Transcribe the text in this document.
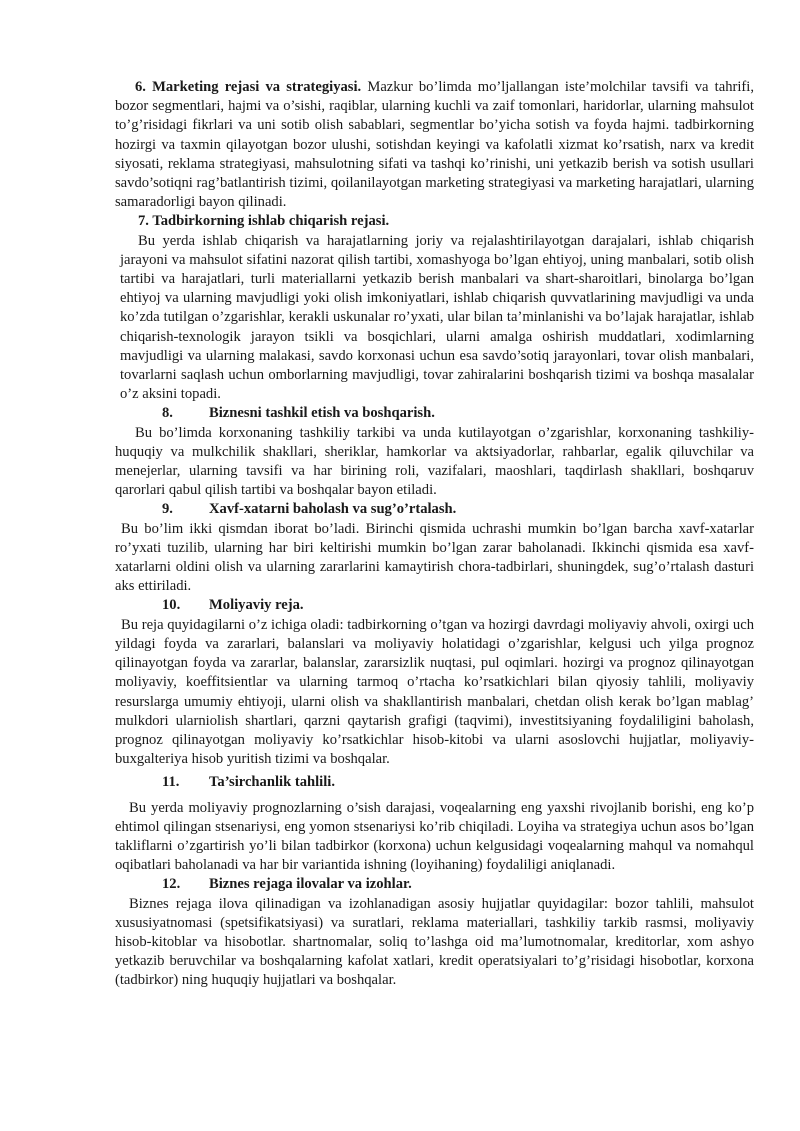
6. Marketing rejasi va strategiyasi. Mazkur bo’limda mo’ljallangan iste’molchilar tavsifi va tahrifi, bozor segmentlari, hajmi va o’sishi, raqiblar, ularning kuchli va zaif tomonlari, haridorlar, ularning mahsulot to’g’risidagi fikrlari va uni sotib olish sabablari, segmentlar bo’yicha sotish va foyda hajmi. tadbirkorning hozirgi va taxmin qilayotgan bozor ulushi, sotishdan keyingi va kafolatli xizmat ko’rsatish, narx va kredit siyosati, reklama strategiyasi, mahsulotning sifati va tashqi ko’rinishi, uni yetkazib berish va sotish usullari savdo’sotiqni rag’batlantirish tizimi, qoilanilayotgan marketing strategiyasi va marketing harajatlari, ularning samaradorligi bayon qilinadi.

7. Tadbirkorning ishlab chiqarish rejasi.

Bu yerda ishlab chiqarish va harajatlarning joriy va rejalashtirilayotgan darajalari, ishlab chiqarish jarayoni va mahsulot sifatini nazorat qilish tartibi, xomashyoga bo’lgan ehtiyoj, uning manbalari, sotib olish tartibi va harajatlari, turli materiallarni yetkazib berish manbalari va shart-sharoitlari, binolarga bo’lgan ehtiyoj va ularning mavjudligi yoki olish imkoniyatlari, ishlab chiqarish quvvatlarining mavjudligi va unda ko’zda tutilgan o’zgarishlar, kerakli uskunalar ro’yxati, ular bilan ta’minlanishi va bo’lajak harajatlar, ishlab chiqarish-texnologik jarayon tsikli va bosqichlari, ularni amalga oshirish muddatlari, xodimlarning mavjudligi va ularning malakasi, savdo korxonasi uchun esa savdo’sotiq jarayonlari, tovar olish manbalari, tovarlarni saqlash uchun omborlarning mavjudligi, tovar zahiralarini boshqarish tizimi va boshqa masalalar o’z aksini topadi.

8.	Biznesni tashkil etish va boshqarish.

Bu bo’limda korxonaning tashkiliy tarkibi va unda kutilayotgan o’zgarishlar, korxonaning tashkiliy-huquqiy va mulkchilik shakllari, sheriklar, hamkorlar va aktsiyadorlar, rahbarlar, egalik qiluvchilar va menejerlar, ularning tavsifi va har birining roli, vazifalari, maoshlari, taqdirlash shakllari, boshqaruv qarorlari qabul qilish tartibi va boshqalar bayon etiladi.

9.	Xavf-xatarni baholash va sug’o’rtalash.

Bu bo’lim ikki qismdan iborat bo’ladi. Birinchi qismida uchrashi mumkin bo’lgan barcha xavf-xatarlar ro’yxati tuzilib, ularning har biri keltirishi mumkin bo’lgan zarar baholanadi. Ikkinchi qismida esa xavf-xatarlarni oldini olish va ularning zararlarini kamaytirish chora-tadbirlari, shuningdek, sug’o’rtalash dasturi aks ettiriladi.

10.	Moliyaviy reja.

Bu reja quyidagilarni o’z ichiga oladi: tadbirkorning o’tgan va hozirgi davrdagi moliyaviy ahvoli, oxirgi uch yildagi foyda va zararlari, balanslari va moliyaviy holatidagi o’zgarishlar, kelgusi uch yilga prognoz qilinayotgan foyda va zararlar, balanslar, zararsizlik nuqtasi, pul oqimlari. hozirgi va prognoz qilinayotgan moliyaviy, koeffitsientlar va ularning tarmoq o’rtacha ko’rsatkichlari bilan qiyosiy tahlili, moliyaviy resurslarga umumiy ehtiyoji, ularni olish va shakllantirish manbalari, chetdan olish kerak bo’lgan mablag’ mulkdori ularniolish shartlari, qarzni qaytarish grafigi (taqvimi), investitsiyaning foydaliligini baholash, prognoz qilinayotgan moliyaviy ko’rsatkichlar hisob-kitobi va ularni asoslovchi hujjatlar, moliyaviy-buxgalteriya hisob yuritish tizimi va boshqalar.

11.	Ta’sirchanlik tahlili.

Bu yerda moliyaviy prognozlarning o’sish darajasi, voqealarning eng yaxshi rivojlanib borishi, eng ko’p ehtimol qilingan stsenariysi, eng yomon stsenariysi ko’rib chiqiladi. Loyiha va strategiya uchun asos bo’lgan takliflarni o’zgartirish yo’li bilan tadbirkor (korxona) uchun kelgusidagi voqealarning mahqul va nomahqul oqibatlari baholanadi va har bir variantida ishning (loyihaning) foydaliligi aniqlanadi.

12.	Biznes rejaga ilovalar va izohlar.

Biznes rejaga ilova qilinadigan va izohlanadigan asosiy hujjatlar quyidagilar: bozor tahlili, mahsulot xususiyatnomasi (spetsifikatsiyasi) va suratlari, reklama materiallari, tashkiliy tarkib rasmsi, moliyaviy hisob-kitoblar va hisobotlar. shartnomalar, soliq to’lashga oid ma’lumotnomalar, kreditorlar, xom ashyo yetkazib beruvchilar va boshqalarning kafolat xatlari, kredit operatsiyalari to’g’risidagi hisobotlar, korxona (tadbirkor) ning huquqiy hujjatlari va boshqalar.
